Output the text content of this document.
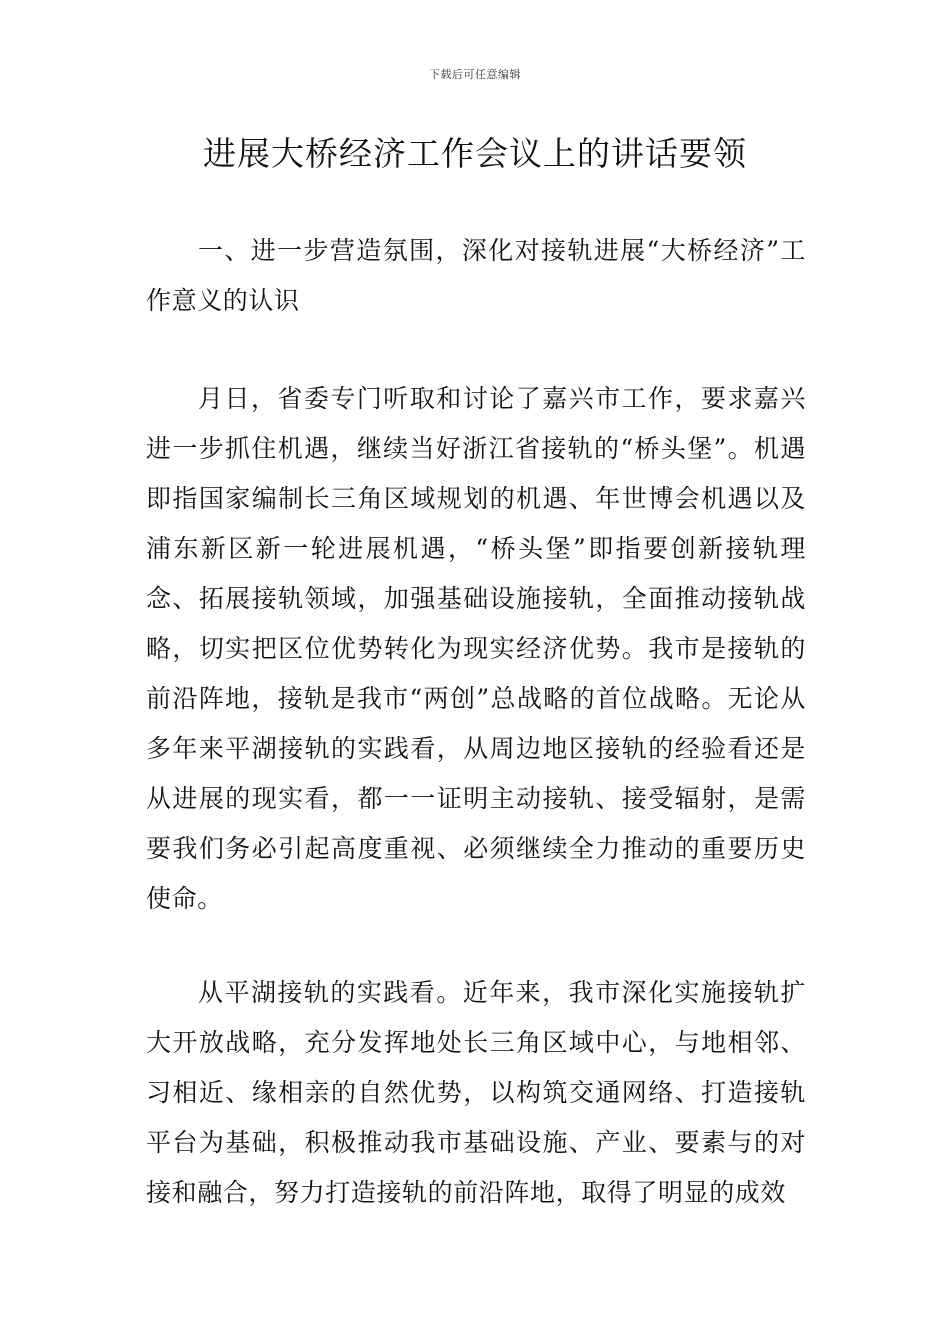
下载后可任意编辑
进展大桥经济工作会议上的讲话要领

一、进一步营造氛围，深化对接轨进展“大桥经济”工作意义的认识

月日，省委专门听取和讨论了嘉兴市工作，要求嘉兴进一步抓住机遇，继续当好浙江省接轨的“桥头堡”。机遇即指国家编制长三角区域规划的机遇、年世博会机遇以及浦东新区新一轮进展机遇，“桥头堡”即指要创新接轨理念、拓展接轨领域，加强基础设施接轨，全面推动接轨战略，切实把区位优势转化为现实经济优势。我市是接轨的前沿阵地，接轨是我市“两创”总战略的首位战略。无论从多年来平湖接轨的实践看，从周边地区接轨的经验看还是从进展的现实看，都一一证明主动接轨、接受辐射，是需要我们务必引起高度重视、必须继续全力推动的重要历史使命。

从平湖接轨的实践看。近年来，我市深化实施接轨扩大开放战略，充分发挥地处长三角区域中心，与地相邻、习相近、缘相亲的自然优势，以构筑交通网络、打造接轨平台为基础，积极推动我市基础设施、产业、要素与的对接和融合，努力打造接轨的前沿阵地，取得了明显的成效
